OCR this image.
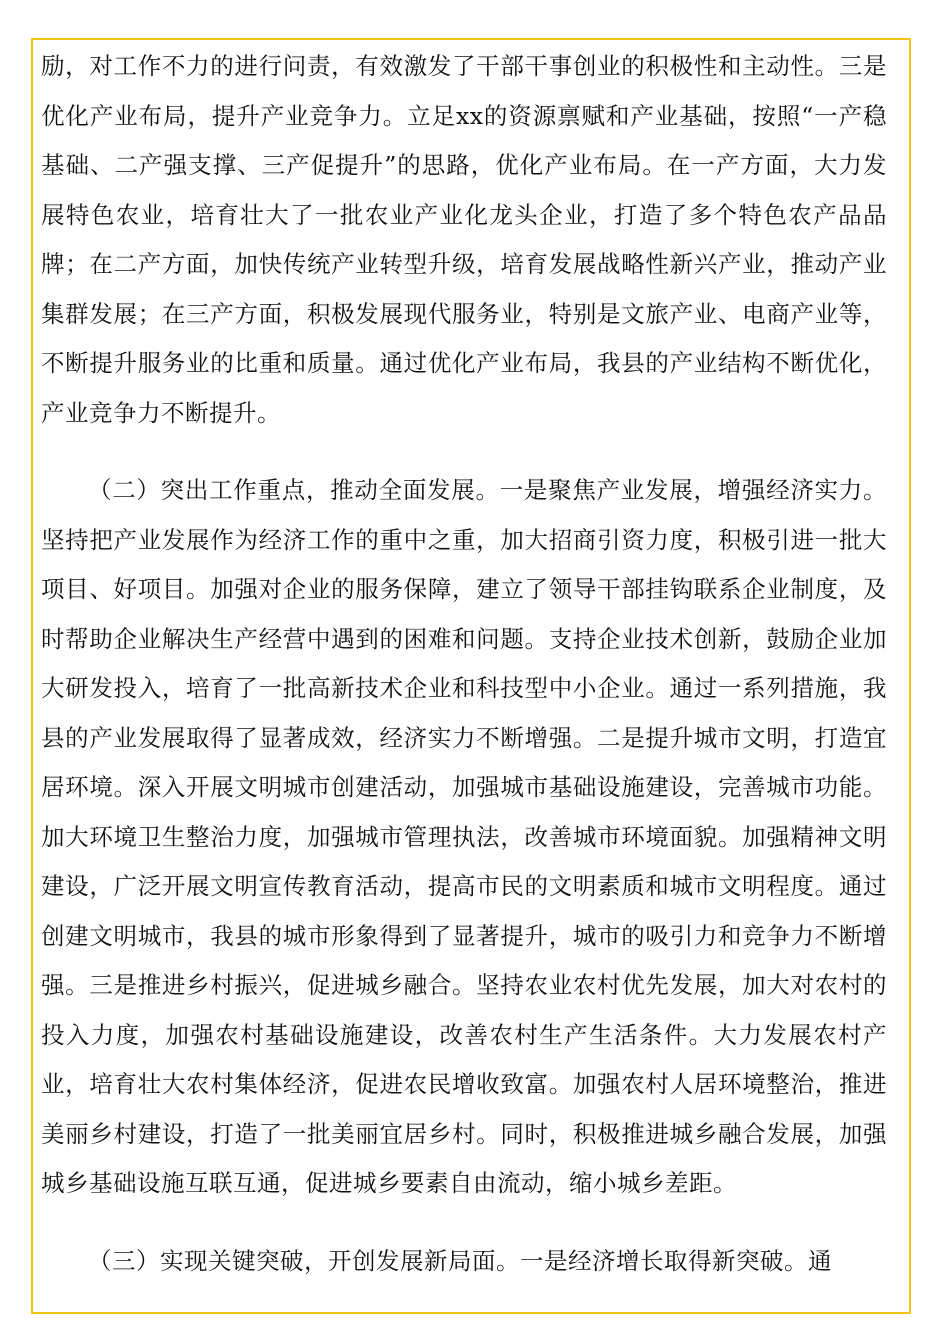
励，对工作不力的进行问责，有效激发了干部干事创业的积极性和主动性。三是优化产业布局，提升产业竞争力。立足xx的资源禀赋和产业基础，按照“一产稳基础、二产强支撑、三产促提升”的思路，优化产业布局。在一产方面，大力发展特色农业，培育壮大了一批农业产业化龙头企业，打造了多个特色农产品品牌；在二产方面，加快传统产业转型升级，培育发展战略性新兴产业，推动产业集群发展；在三产方面，积极发展现代服务业，特别是文旅产业、电商产业等，不断提升服务业的比重和质量。通过优化产业布局，我县的产业结构不断优化，产业竞争力不断提升。

（二）突出工作重点，推动全面发展。一是聚焦产业发展，增强经济实力。坚持把产业发展作为经济工作的重中之重，加大招商引资力度，积极引进一批大项目、好项目。加强对企业的服务保障，建立了领导干部挂钩联系企业制度，及时帮助企业解决生产经营中遇到的困难和问题。支持企业技术创新，鼓励企业加大研发投入，培育了一批高新技术企业和科技型中小企业。通过一系列措施，我县的产业发展取得了显著成效，经济实力不断增强。二是提升城市文明，打造宜居环境。深入开展文明城市创建活动，加强城市基础设施建设，完善城市功能。加大环境卫生整治力度，加强城市管理执法，改善城市环境面貌。加强精神文明建设，广泛开展文明宣传教育活动，提高市民的文明素质和城市文明程度。通过创建文明城市，我县的城市形象得到了显著提升，城市的吸引力和竞争力不断增强。三是推进乡村振兴，促进城乡融合。坚持农业农村优先发展，加大对农村的投入力度，加强农村基础设施建设，改善农村生产生活条件。大力发展农村产业，培育壮大农村集体经济，促进农民增收致富。加强农村人居环境整治，推进美丽乡村建设，打造了一批美丽宜居乡村。同时，积极推进城乡融合发展，加强城乡基础设施互联互通，促进城乡要素自由流动，缩小城乡差距。

（三）实现关键突破，开创发展新局面。一是经济增长取得新突破。通
